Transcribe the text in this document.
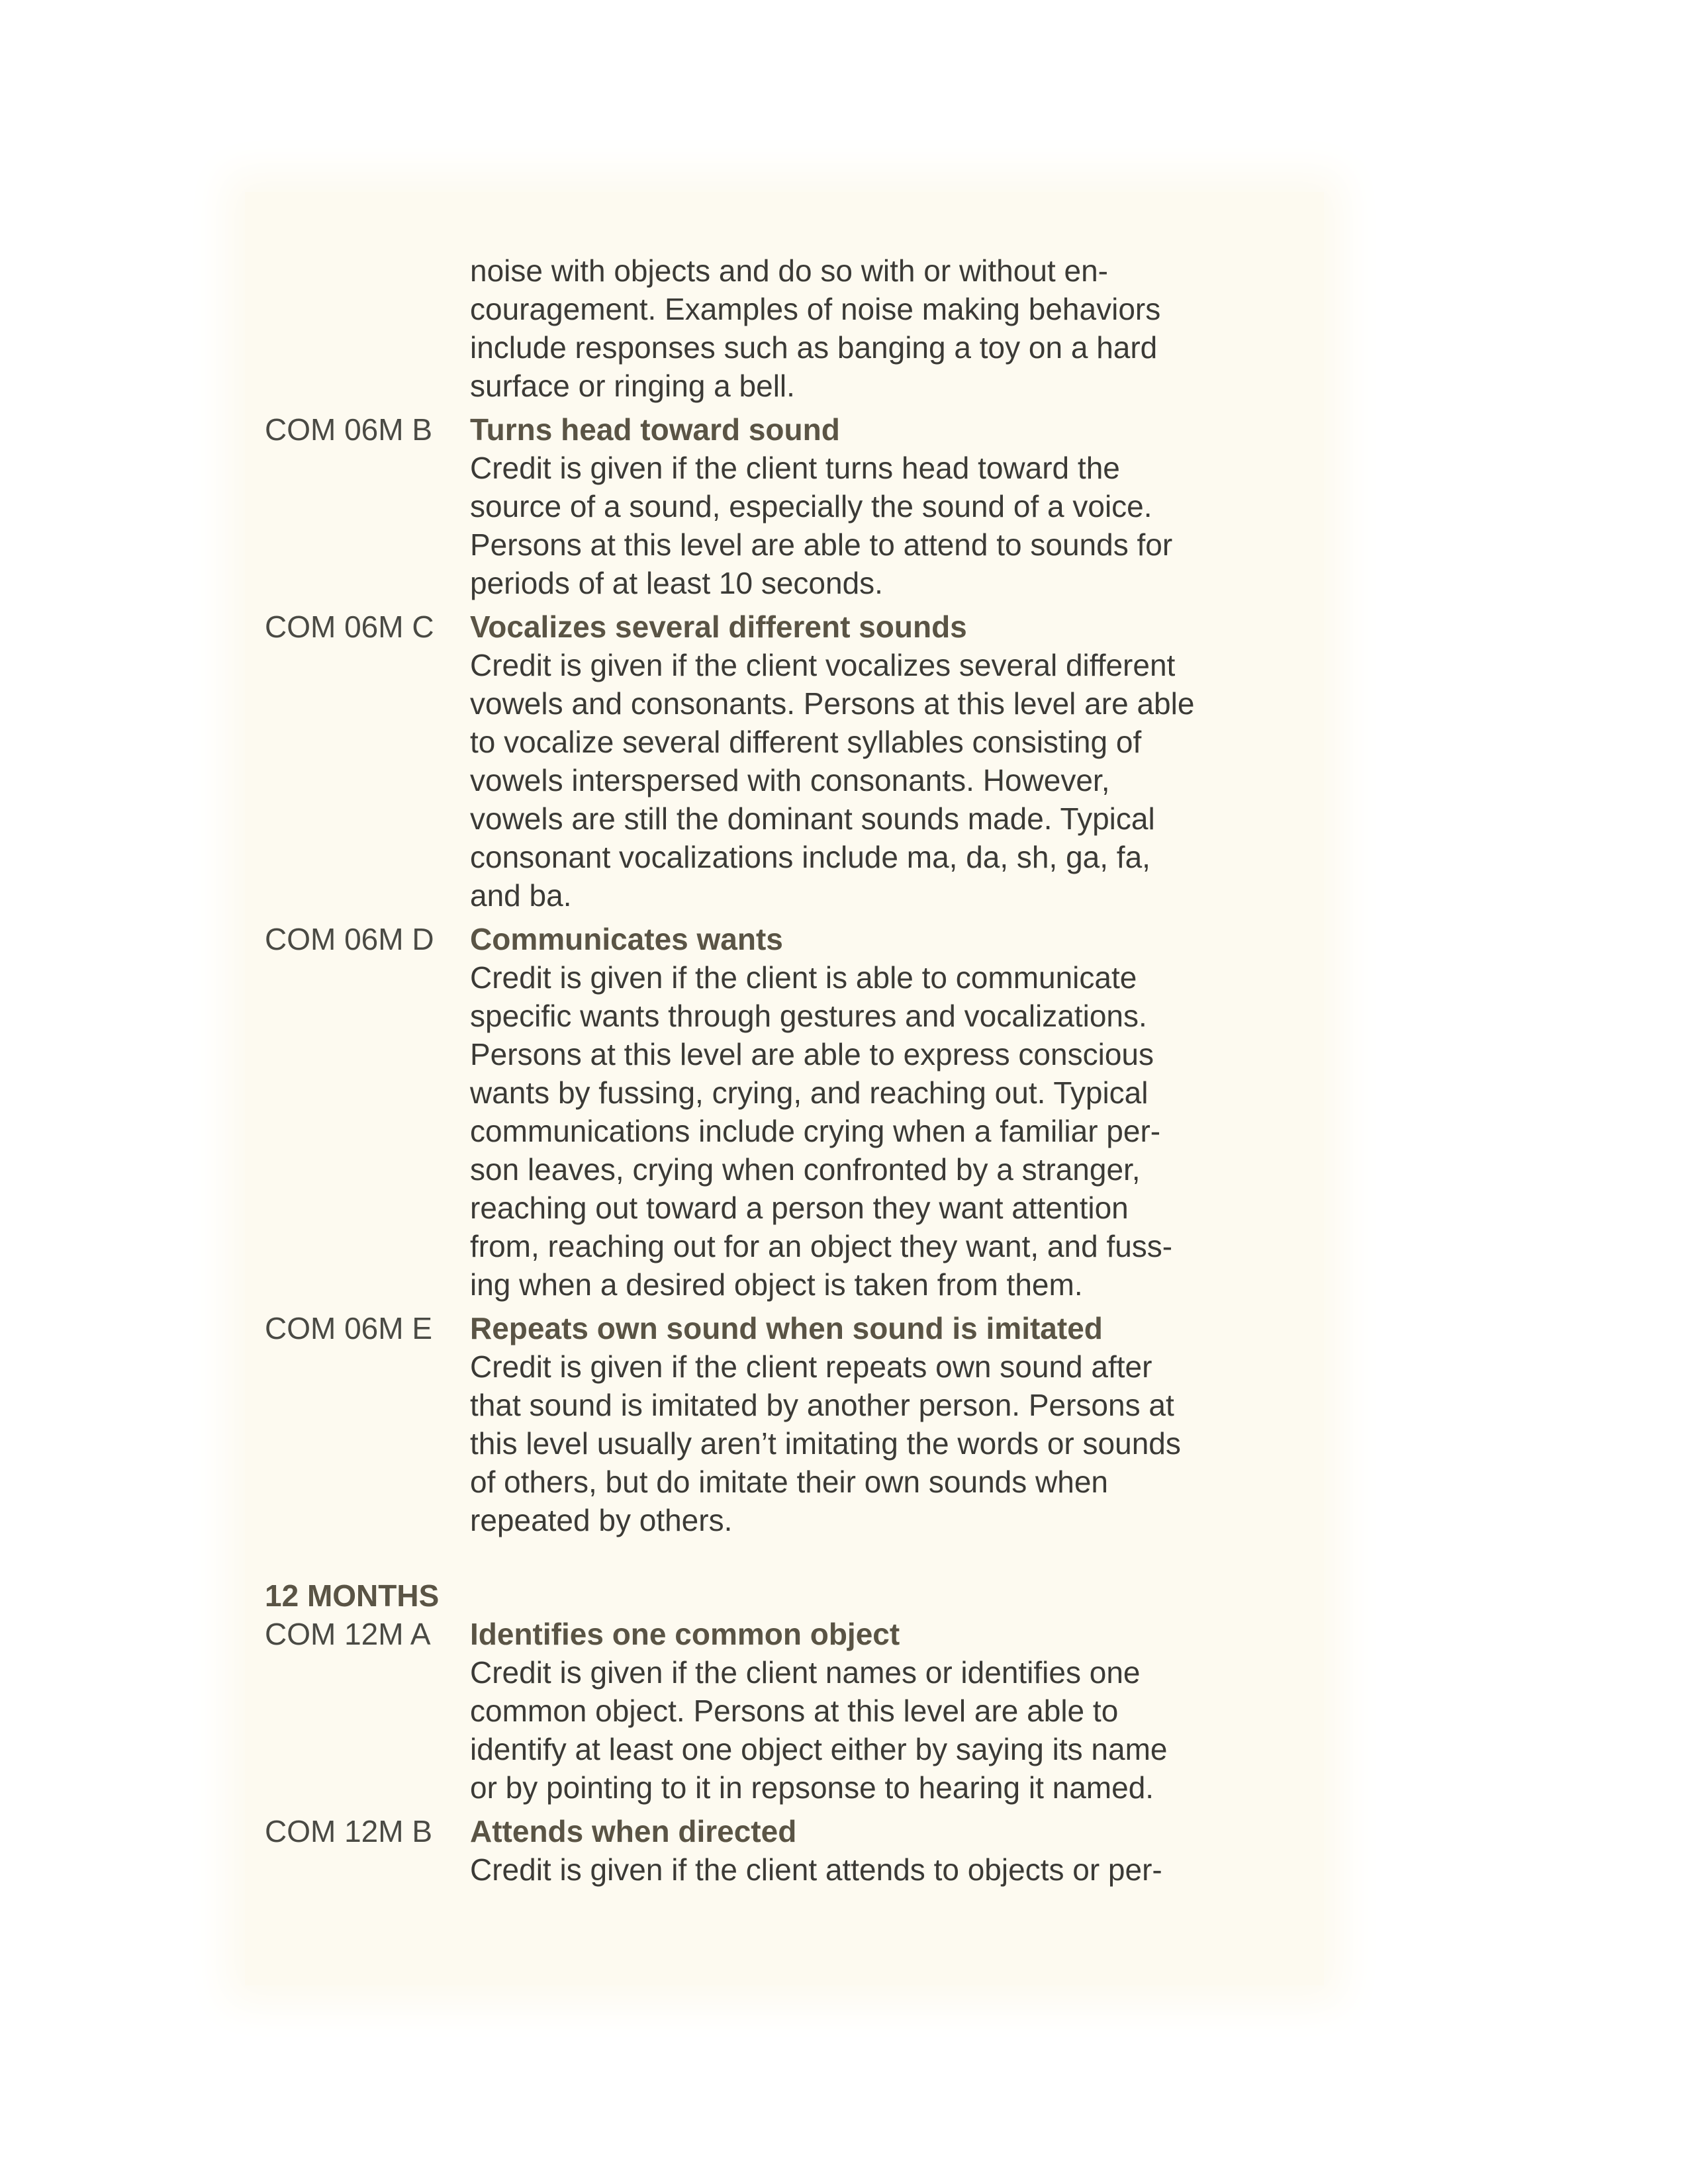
noise with objects and do so with or without en-
couragement. Examples of noise making behaviors
include responses such as banging a toy on a hard
surface or ringing a bell.
COM 06M B	Turns head toward sound
Credit is given if the client turns head toward the
source of a sound, especially the sound of a voice.
Persons at this level are able to attend to sounds for
periods of at least 10 seconds.
COM 06M C	Vocalizes several different sounds
Credit is given if the client vocalizes several different
vowels and consonants. Persons at this level are able
to vocalize several different syllables consisting of
vowels interspersed with consonants. However,
vowels are still the dominant sounds made. Typical
consonant vocalizations include ma, da, sh, ga, fa,
and ba.
COM 06M D	Communicates wants
Credit is given if the client is able to communicate
specific wants through gestures and vocalizations.
Persons at this level are able to express conscious
wants by fussing, crying, and reaching out. Typical
communications include crying when a familiar per-
son leaves, crying when confronted by a stranger,
reaching out toward a person they want attention
from, reaching out for an object they want, and fuss-
ing when a desired object is taken from them.
COM 06M E	Repeats own sound when sound is imitated
Credit is given if the client repeats own sound after
that sound is imitated by another person. Persons at
this level usually aren’t imitating the words or sounds
of others, but do imitate their own sounds when
repeated by others.
12 MONTHS
COM 12M A	Identifies one common object
Credit is given if the client names or identifies one
common object. Persons at this level are able to
identify at least one object either by saying its name
or by pointing to it in repsonse to hearing it named.
COM 12M B	Attends when directed
Credit is given if the client attends to objects or per-
